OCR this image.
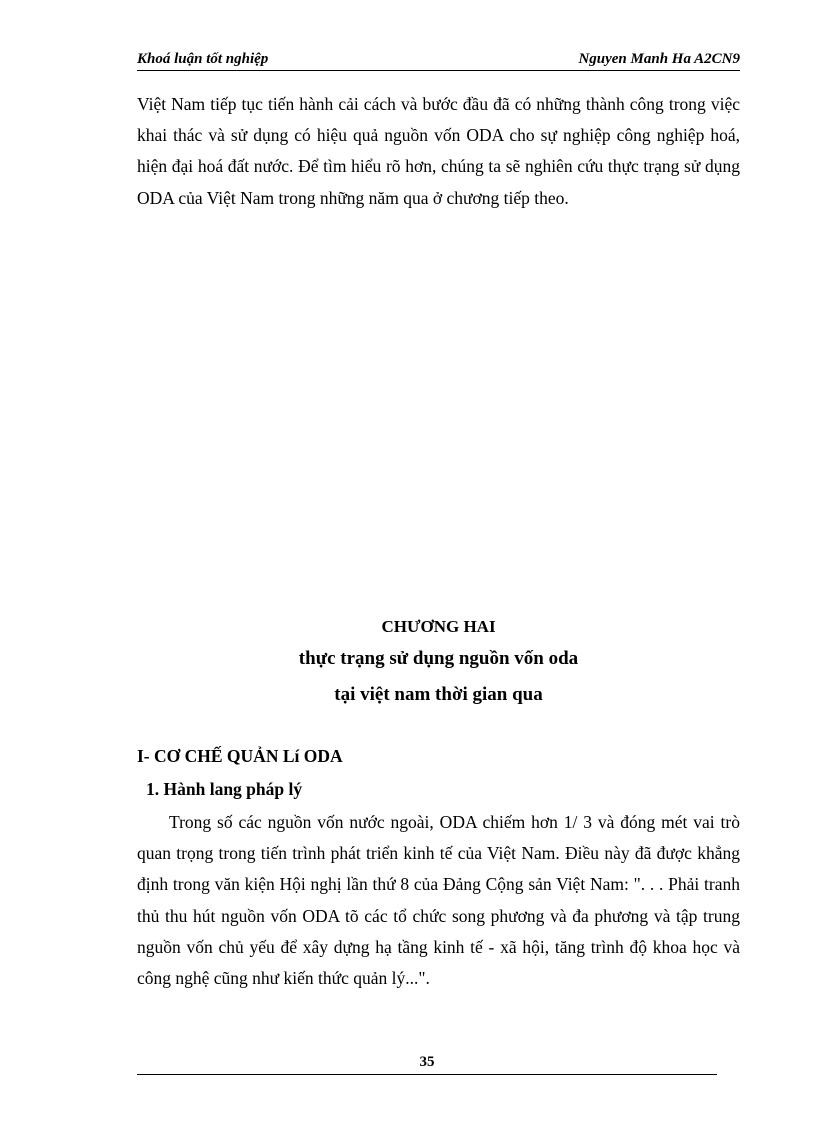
Khoá luận tốt nghiệp	Nguyen Manh Ha A2CN9

Việt Nam tiếp tục tiến hành cải cách và bước đầu đã có những thành công trong việc khai thác và sử dụng có hiệu quả nguồn vốn ODA cho sự nghiệp công nghiệp hoá, hiện đại hoá đất nước. Để tìm hiểu rõ hơn, chúng ta sẽ nghiên cứu thực trạng sử dụng ODA của Việt Nam trong những năm qua ở chương tiếp theo.

CHƯƠNG HAI

thực trạng sử dụng nguồn vốn oda

tại việt nam thời gian qua

I- CƠ CHẾ QUẢN Lí ODA

1. Hành lang pháp lý

Trong số các nguồn vốn nước ngoài, ODA chiếm hơn 1/ 3 và đóng mét vai trò quan trọng trong tiến trình phát triển kinh tế của Việt Nam. Điều này đã được khẳng định trong văn kiện Hội nghị lần thứ 8 của Đảng Cộng sản Việt Nam: ". . . Phải tranh thủ thu hút nguồn vốn ODA tõ các tổ chức song phương và đa phương và tập trung nguồn vốn chủ yếu để xây dựng hạ tầng kinh tế - xã hội, tăng trình độ khoa học và công nghệ cũng như kiến thức quản lý...".

35
